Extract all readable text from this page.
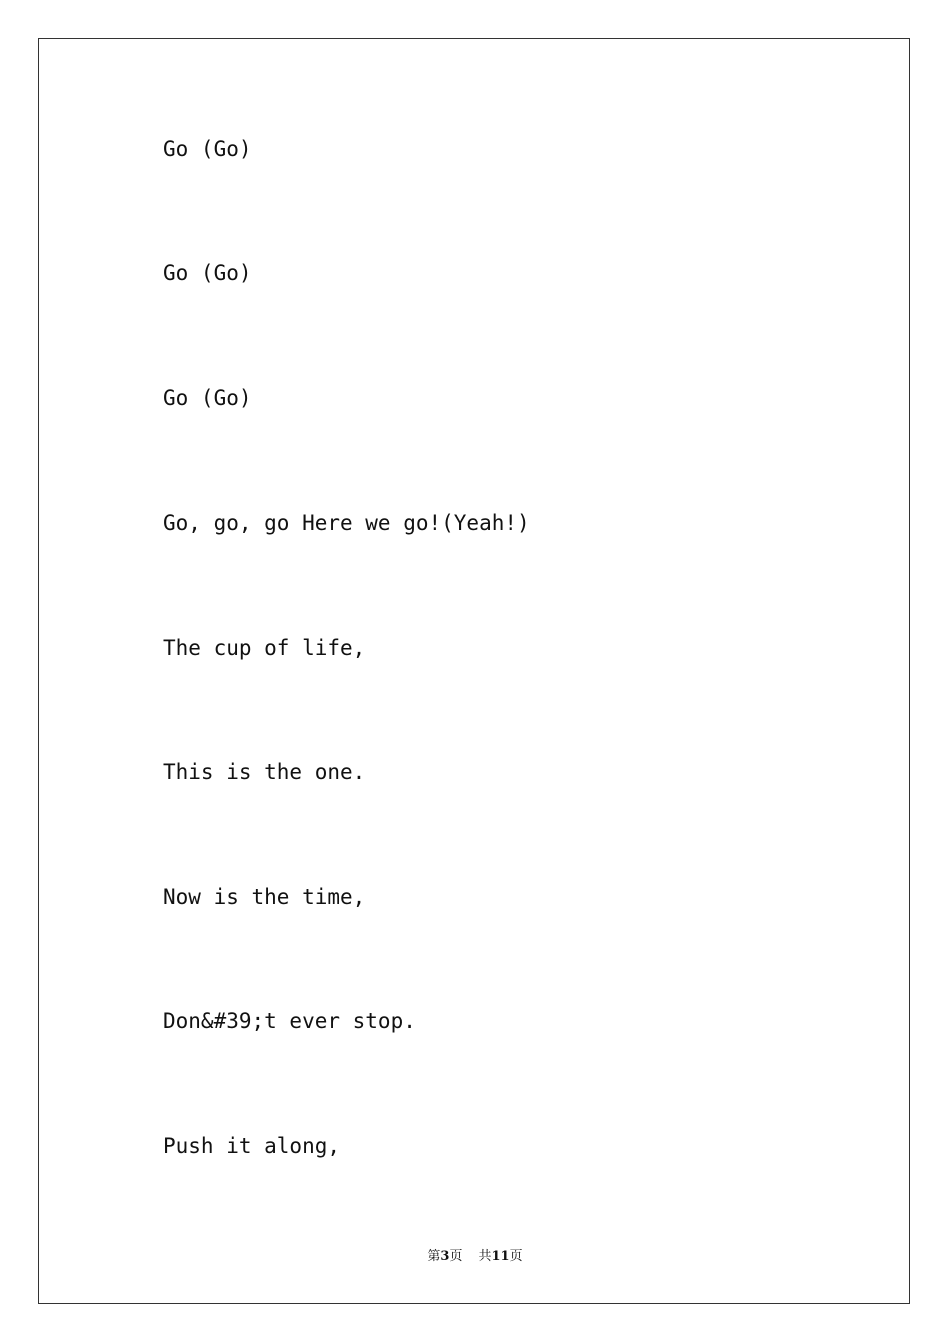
Go (Go)
Go (Go)
Go (Go)
Go, go, go Here we go!(Yeah!)
The cup of life,
This is the one.
Now is the time,
Don&#39;t ever stop.
Push it along,
第3页 共11页
